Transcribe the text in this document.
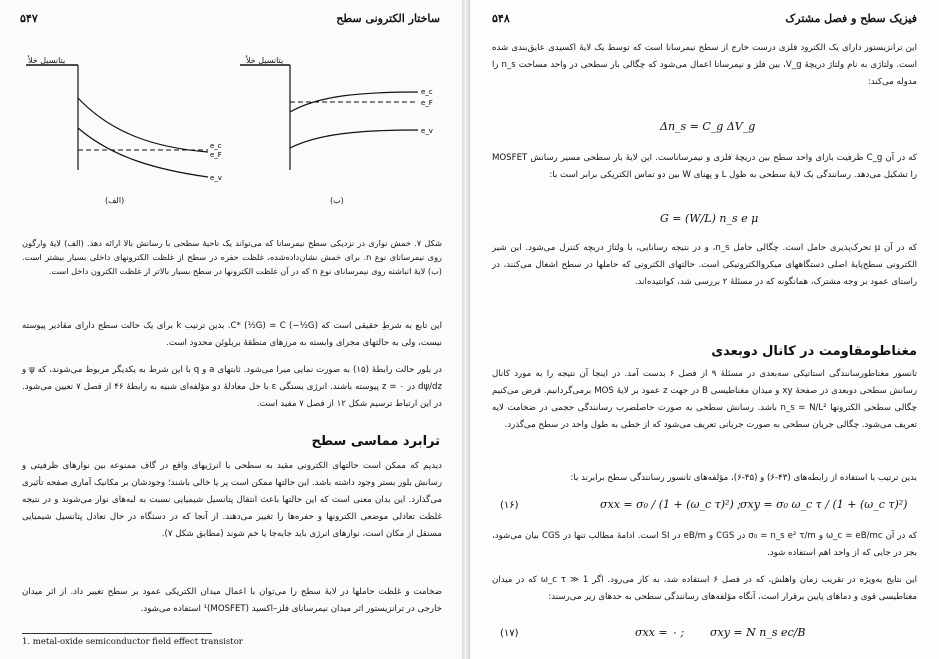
ساختار الکترونی سطح
۵۴۷
e_c
e_F
e_v
e_c
e_F
e_v
پتانسیل خلأ	پتانسیل خلأ
(الف)	(ب)

شکل ۷. خمش نواری در نزدیکی سطح نیمرسانا که می‌تواند یک ناحیهٔ سطحی با رسانش بالا ارائه دهد. (الف) لایهٔ وارگون روی نیمرسانای نوع n. برای خمش نشان‌داده‌شده، غلظت حفره در سطح از غلظت الکترونهای داخلی بسیار بیشتر است. (ب) لایهٔ انباشته روی نیمرسانای نوع n که در آن غلظت الکترونها در سطح بسیار بالاتر از غلظت الکترون داخل است.

این تابع به شرطِ حقیقی است که C* (½G) = C (−½G). بدین ترتیب k برای یک حالت سطح دارای مقادیر پیوسته نیست، ولی به حالتهای مجزای وابسته به مرزهای منطقهٔ بریلوئن محدود است.

در بلور حالت رابطهٔ (۱۵) به صورت نمایی میرا می‌شود. ثابتهای a و q با این شرط به یکدیگر مربوط می‌شوند، که ψ و dψ/dz در z = ۰ پیوسته باشند. انرژی بستگی ε با حل معادلهٔ دو مؤلفه‌ای شبیه به رابطهٔ ۴۶ از فصل ۷ تعیین می‌شود. در این ارتباط ترسیم شکل ۱۲ از فصل ۷ مفید است.

ترابرد مماسی سطح

دیدیم که ممکن است حالتهای الکترونی مقید به سطحی با انرژیهای واقع در گاف ممنوعه بین نوارهای ظرفیتی و رسانش بلور بستر وجود داشته باشد. این حالتها ممکن است پر یا خالی باشند؛ وجودشان بر مکانیک آماری صفحه تأثیری می‌گذارد. این بدان معنی است که این حالتها باعث انتقال پتانسیل شیمیایی نسبت به لبه‌های نوار می‌شوند و در نتیجه غلظت تعادلی موضعی الکترونها و حفره‌ها را تغییر می‌دهند. از آنجا که در دستگاه در حال تعادل پتانسیل شیمیایی مستقل از مکان است، نوارهای انرژی باید جابه‌جا یا خم شوند (مطابق شکل ۷).

ضخامت و غلظت حاملها در لایهٔ سطح را می‌توان با اعمال میدان الکتریکی عمود بر سطح تغییر داد. از اثر میدان خارجی در ترانزیستور اثر میدان نیمرسانای فلز–اکسید (MOSFET)¹ استفاده می‌شود.

1. metal-oxide semiconductor field effect transistor
فیزیک سطح و فصل مشترک
۵۴۸

این ترانزیستور دارای یک الکترود فلزی درست خارج از سطح نیمرسانا است که توسط یک لایهٔ اکسیدی عایق‌بندی شده است. ولتاژی به نام ولتاژ دریچهٔ V_g، بین فلز و نیمرسانا اعمال می‌شود که چگالی بار سطحی در واحد مساحت n_s را مدوله می‌کند:

Δn_s = C_g ΔV_g

که در آن C_g ظرفیت بازای واحد سطح بین دریچهٔ فلزی و نیمرساناست. این لایهٔ بار سطحی مسیر رسانش MOSFET را تشکیل می‌دهد. رسانندگی یک لایهٔ سطحی به طول L و پهنای W بین دو تماس الکتریکی برابر است با:

G = (W/L) n_s e μ

که در آن μ تحرک‌پذیری حامل است. چگالی حامل n_s، و در نتیجه رسانایی، با ولتاژ دریچه کنترل می‌شود. این شیر الکترونی سطح‌پایهٔ اصلی دستگاههای میکروالکترونیکی است. حالتهای الکترونی که حاملها در سطح اشغال می‌کنند، در راستای عمود بر وجه مشترک، همانگونه که در مسئلهٔ ۲ بررسی شد، کوانتیده‌اند.

مغناطومقاومت در کانال دوبعدی

تانسور مغناطورسانندگی استاتیکی سه‌بعدی در مسئلهٔ ۹ از فصل ۶ بدست آمد. در اینجا آن نتیجه را به مورد کانال رسانش سطحی دوبعدی در صفحهٔ xy و میدان مغناطیسی B در جهت z عمود بر لایهٔ MOS برمی‌گردانیم. فرض می‌کنیم چگالی سطحی الکترونها n_s = N/L² باشد. رسانش سطحی به صورت حاصلضرب رسانندگی حجمی در ضخامت لایه تعریف می‌شود. چگالی جریان سطحی به صورت جریانی تعریف می‌شود که از خطی به طول واحد در سطح می‌گذرد.

بدین ترتیب با استفاده از رابطه‌های (۴۳-۶) و (۴۵-۶)، مؤلفه‌های تانسور رسانندگی سطح برابرند با:

σxx = σ₀ / (1 + (ω_c τ)²) ; σxy = σ₀ ω_c τ / (1 + (ω_c τ)²)
(۱۶)

که در آن ω_c = eB/mc و σ₀ = n_s e² τ/m در CGS و eB/m در SI است. ادامهٔ مطالب تنها در CGS بیان می‌شود، بجز در جایی که از واحد اهم استفاده شود.

این نتایج به‌ویژه در تقریب زمان واهلش، که در فصل ۶ استفاده شد، به کار می‌رود. اگر ω_c τ ≫ 1 که در میدان مغناطیسی قوی و دماهای پایین برقرار است، آنگاه مؤلفه‌های رسانندگی سطحی به حدهای زیر می‌رسند:

σxx = ۰ ; σxy = N n_s ec/B
(۱۷)
